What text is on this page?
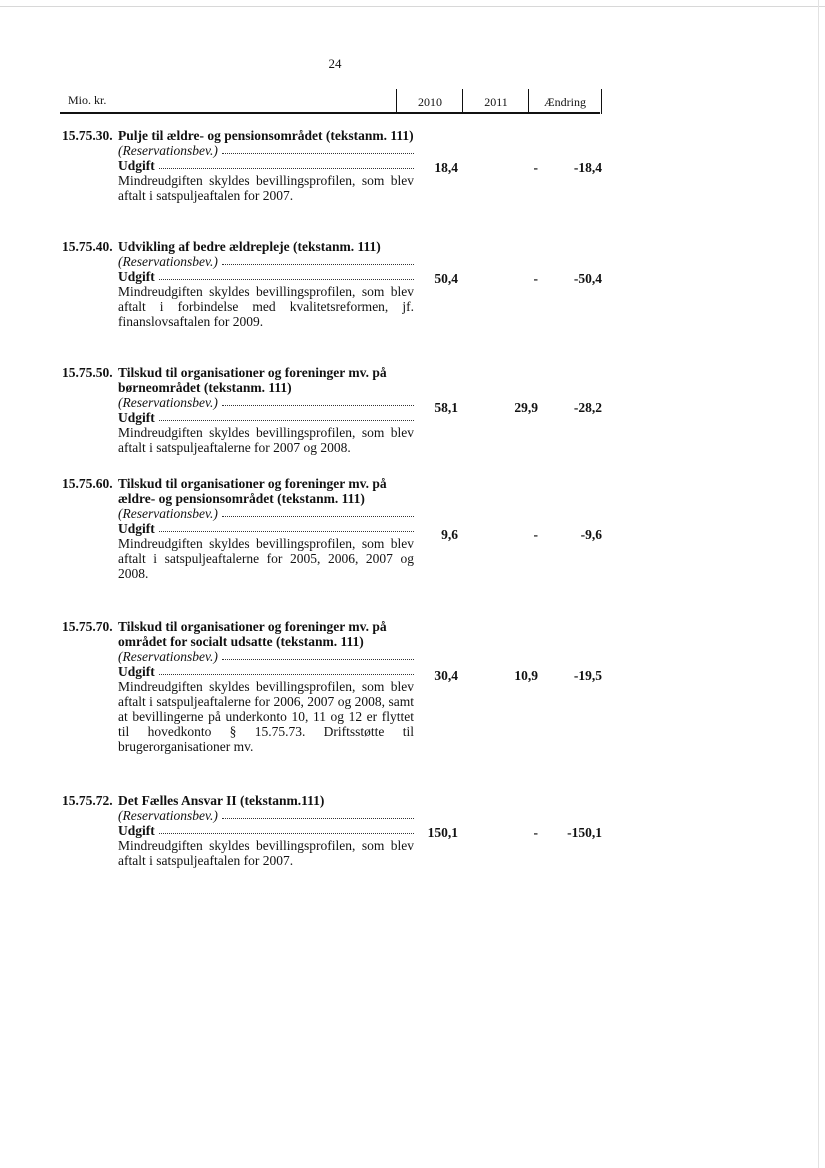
24
Mio. kr.	2010	2011	Ændring
15.75.30. Pulje til ældre- og pensionsområdet (tekstanm. 111)
(Reservationsbev.)
Udgift
Mindreudgiften skyldes bevillingsprofilen, som blev aftalt i satspuljeaftalen for 2007.
18,4	-	-18,4
15.75.40. Udvikling af bedre ældrepleje (tekstanm. 111)
(Reservationsbev.)
Udgift
Mindreudgiften skyldes bevillingsprofilen, som blev aftalt i forbindelse med kvalitetsreformen, jf. finanslovsaftalen for 2009.
50,4	-	-50,4
15.75.50. Tilskud til organisationer og foreninger mv. på børneområdet (tekstanm. 111)
(Reservationsbev.)
Udgift
Mindreudgiften skyldes bevillingsprofilen, som blev aftalt i satspuljeaftalerne for 2007 og 2008.
58,1	29,9	-28,2
15.75.60. Tilskud til organisationer og foreninger mv. på ældre- og pensionsområdet (tekstanm. 111)
(Reservationsbev.)
Udgift
Mindreudgiften skyldes bevillingsprofilen, som blev aftalt i satspuljeaftalerne for 2005, 2006, 2007 og 2008.
9,6	-	-9,6
15.75.70. Tilskud til organisationer og foreninger mv. på området for socialt udsatte (tekstanm. 111)
(Reservationsbev.)
Udgift
Mindreudgiften skyldes bevillingsprofilen, som blev aftalt i satspuljeaftalerne for 2006, 2007 og 2008, samt at bevillingerne på underkonto 10, 11 og 12 er flyttet til hovedkonto § 15.75.73. Driftsstøtte til brugerorganisationer mv.
30,4	10,9	-19,5
15.75.72. Det Fælles Ansvar II (tekstanm.111)
(Reservationsbev.)
Udgift
Mindreudgiften skyldes bevillingsprofilen, som blev aftalt i satspuljeaftalen for 2007.
150,1	-	-150,1
